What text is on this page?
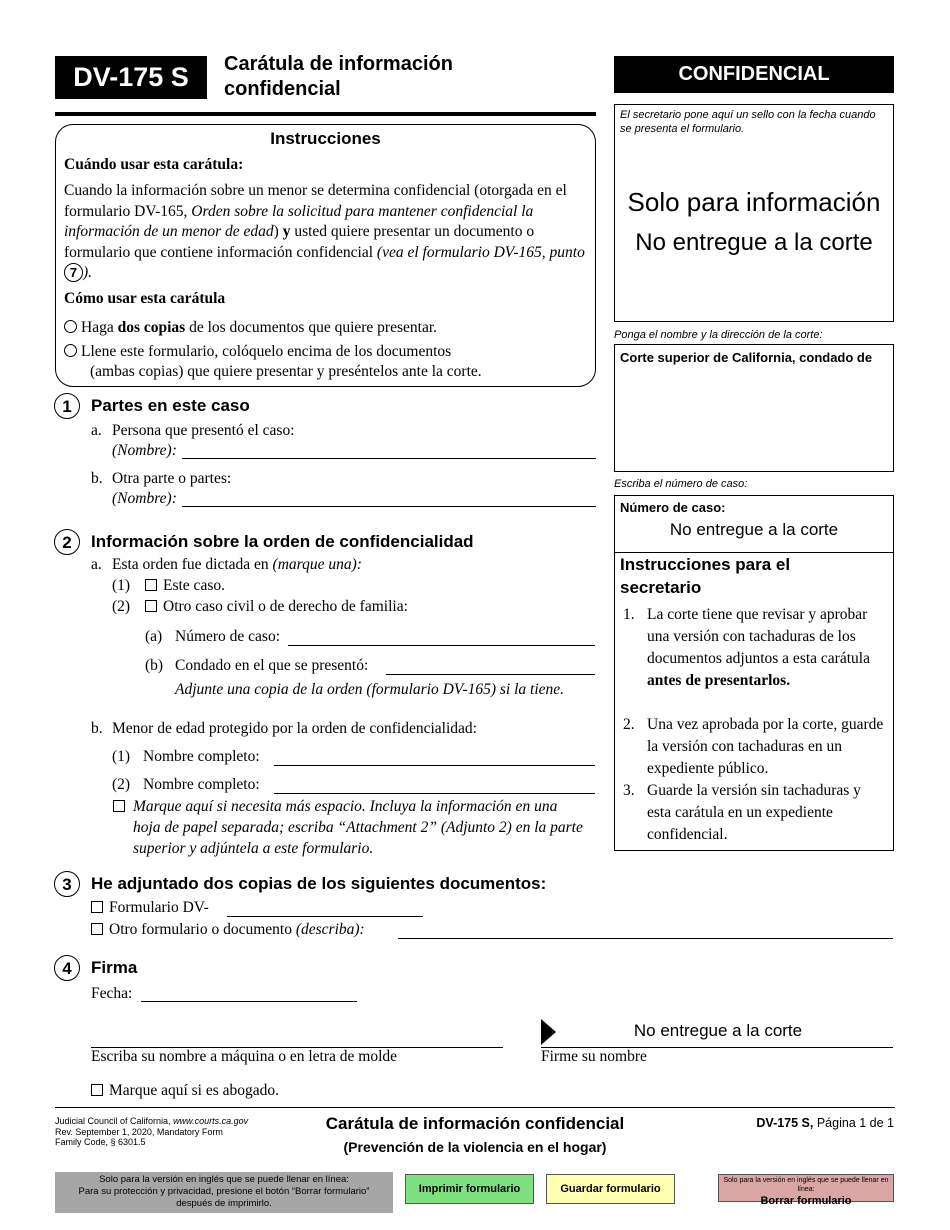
DV-175 S	Carátula de información
confidencial
CONFIDENCIAL
El secretario pone aquí un sello con la fecha cuando se presenta el formulario.
Solo para información
No entregue a la corte
Ponga el nombre y la dirección de la corte:
Corte superior de California, condado de
Escriba el número de caso:
Número de caso:
No entregue a la corte
Instrucciones para el secretario
1. La corte tiene que revisar y aprobar una versión con tachaduras de los documentos adjuntos a esta carátula antes de presentarlos.
2. Una vez aprobada por la corte, guarde la versión con tachaduras en un expediente público.
3. Guarde la versión sin tachaduras y esta carátula en un expediente confidencial.
Instrucciones
Cuándo usar esta carátula:
Cuando la información sobre un menor se determina confidencial (otorgada en el formulario DV-165, Orden sobre la solicitud para mantener confidencial la información de un menor de edad) y usted quiere presentar un documento o formulario que contiene información confidencial (vea el formulario DV-165, punto 7 ).
Cómo usar esta carátula
Haga dos copias de los documentos que quiere presentar.
Llene este formulario, colóquelo encima de los documentos
(ambas copias) que quiere presentar y preséntelos ante la corte.
1	Partes en este caso
a. Persona que presentó el caso:
(Nombre):
b. Otra parte o partes:
(Nombre):
2	Información sobre la orden de confidencialidad
a. Esta orden fue dictada en (marque una):
(1)	Este caso.
(2)	Otro caso civil o de derecho de familia:
(a) Número de caso:
(b) Condado en el que se presentó:
Adjunte una copia de la orden (formulario DV-165) si la tiene.
b. Menor de edad protegido por la orden de confidencialidad:
(1) Nombre completo:
(2) Nombre completo:
Marque aquí si necesita más espacio. Incluya la información en una hoja de papel separada; escriba “Attachment 2” (Adjunto 2) en la parte superior y adjúntela a este formulario.
3	He adjuntado dos copias de los siguientes documentos:
Formulario DV-
Otro formulario o documento (describa):
4	Firma
Fecha:
Escriba su nombre a máquina o en letra de molde
No entregue a la corte
Firme su nombre
Marque aquí si es abogado.
Judicial Council of California, www.courts.ca.gov
Rev. September 1, 2020, Mandatory Form
Family Code, § 6301.5
Carátula de información confidencial
(Prevención de la violencia en el hogar)
DV-175 S, Página 1 de 1
Solo para la versión en inglés que se puede llenar en línea:
Para su protección y privacidad, presione el botón “Borrar formulario”
después de imprimirlo.
Imprimir formulario	Guardar formulario
Solo para la versión en inglés que se puede llenar en línea:
Borrar formulario
